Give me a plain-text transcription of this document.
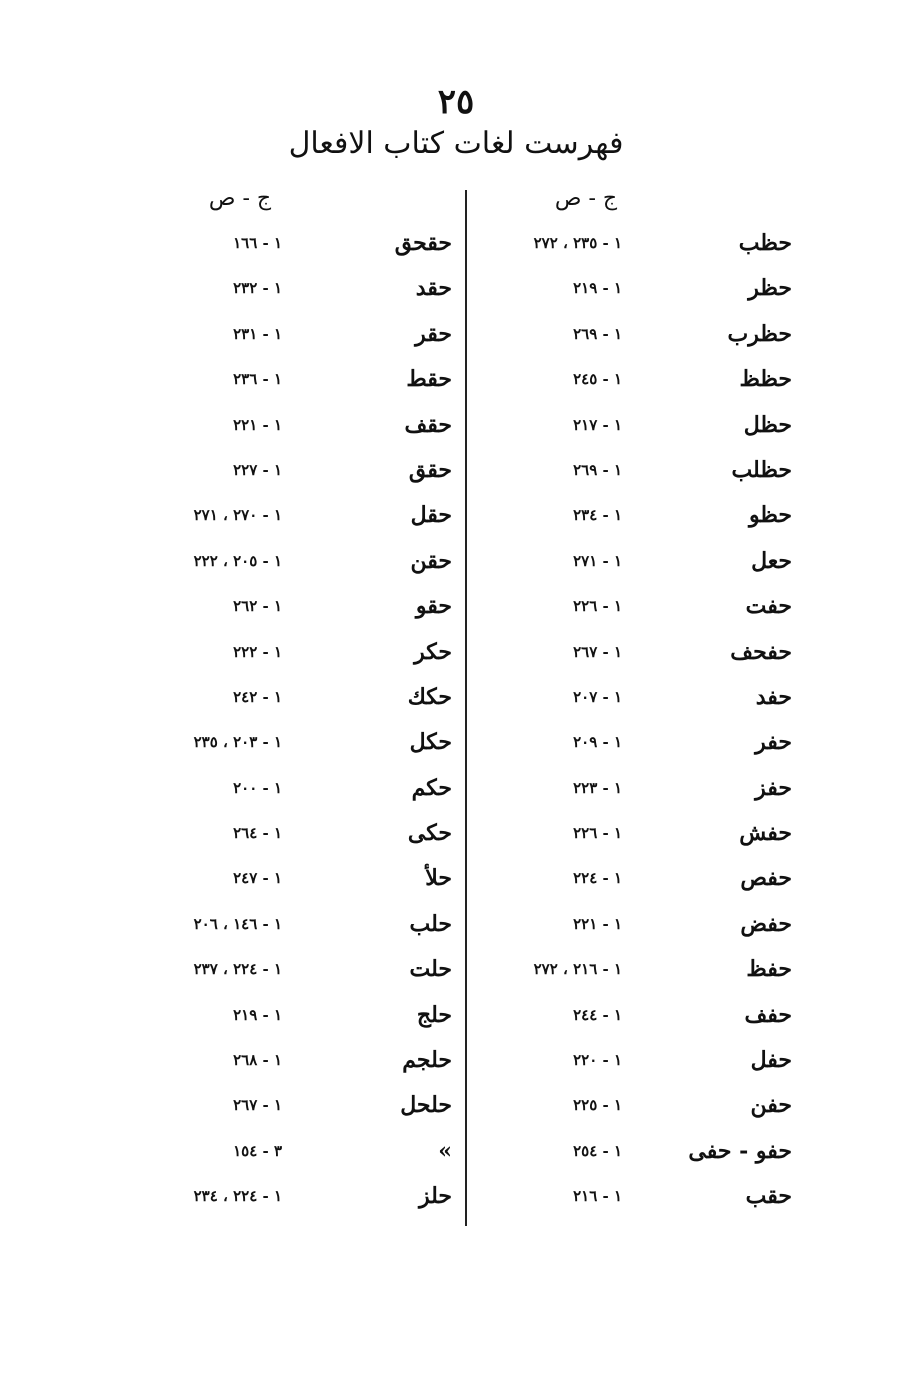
٢٥
فهرست لغات كتاب الافعال
ج - ص
ج - ص
حظب
١ - ٢٣٥ ، ٢٧٢
حظر
١ - ٢١٩
حظرب
١ - ٢٦٩
حظظ
١ - ٢٤٥
حظل
١ - ٢١٧
حظلب
١ - ٢٦٩
حظو
١ - ٢٣٤
حعل
١ - ٢٧١
حفت
١ - ٢٢٦
حفحف
١ - ٢٦٧
حفد
١ - ٢٠٧
حفر
١ - ٢٠٩
حفز
١ - ٢٢٣
حفش
١ - ٢٢٦
حفص
١ - ٢٢٤
حفض
١ - ٢٢١
حفظ
١ - ٢١٦ ، ٢٧٢
حفف
١ - ٢٤٤
حفل
١ - ٢٢٠
حفن
١ - ٢٢٥
حفو - حفى
١ - ٢٥٤
حقب
١ - ٢١٦
حقحق
١ - ١٦٦
حقد
١ - ٢٣٢
حقر
١ - ٢٣١
حقط
١ - ٢٣٦
حقف
١ - ٢٢١
حقق
١ - ٢٢٧
حقل
١ - ٢٧٠ ، ٢٧١
حقن
١ - ٢٠٥ ، ٢٢٢
حقو
١ - ٢٦٢
حكر
١ - ٢٢٢
حكك
١ - ٢٤٢
حكل
١ - ٢٠٣ ، ٢٣٥
حكم
١ - ٢٠٠
حكى
١ - ٢٦٤
حلأ
١ - ٢٤٧
حلب
١ - ١٤٦ ، ٢٠٦
حلت
١ - ٢٢٤ ، ٢٣٧
حلج
١ - ٢١٩
حلجم
١ - ٢٦٨
حلحل
١ - ٢٦٧
»
٣ - ١٥٤
حلز
١ - ٢٢٤ ، ٢٣٤
